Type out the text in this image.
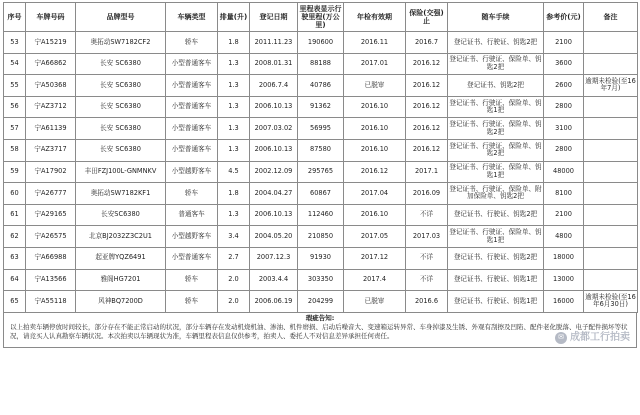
序号	车牌号码	品牌型号	车辆类型	排量(升)	登记日期	里程表显示行驶里程(万公里)	年检有效期	保险(交强)止	随车手续	参考价(元)	备注
53	宁A15219	奥拓动SW7182CF2	轿车	1.8	2011.11.23	190600	2016.11	2016.7	登记证书、行驶证、钥匙2把	2100	
54	宁A66862	长安 SC6380	小型普通客车	1.3	2008.01.31	88188	2017.01	2016.12	登记证书、行驶证、保险单、钥匙2把	3600	
55	宁A50368	长安 SC6380	小型普通客车	1.3	2006.7.4	40786	已脱审	2016.12	登记证书、钥匙2把	2600	逾期未检验(至16年7月)
56	宁AZ3712	长安 SC6380	小型普通客车	1.3	2006.10.13	91362	2016.10	2016.12	登记证书、行驶证、保险单、钥匙1把	2800	
57	宁A61139	长安 SC6380	小型普通客车	1.3	2007.03.02	56995	2016.10	2016.12	登记证书、行驶证、保险单、钥匙2把	3100	
58	宁AZ3717	长安 SC6380	小型普通客车	1.3	2006.10.13	87580	2016.10	2016.12	登记证书、行驶证、保险单、钥匙2把	2800	
59	宁A17902	丰田FZJ100L-GNMNKV	小型越野客车	4.5	2002.12.09	295765	2016.12	2017.1	登记证书、行驶证、保险单、钥匙1把	48000	
60	宁A26777	奥拓动SW7182KF1	轿车	1.8	2004.04.27	60867	2017.04	2016.09	登记证书、行驶证、保险单、附加保险单、钥匙2把	8100	
61	宁A29165	长安SC6380	普通客车	1.3	2006.10.13	112460	2016.10	不详	登记证书、行驶证、钥匙2把	2100	
62	宁A26575	北京BJ2032Z3C2U1	小型越野客车	3.4	2004.05.20	210850	2017.05	2017.03	登记证书、行驶证、保险单、钥匙1把	4800	
63	宁A66988	起亚牌YQZ6491	小型普通客车	2.7	2007.12.3	91930	2017.12	不详	登记证书、行驶证、钥匙2把	18000	
64	宁A13566	雅阁HG7201	轿车	2.0	2003.4.4	303350	2017.4	不详	登记证书、行驶证、钥匙1把	13000	
65	宁A55118	风神BQ7200D	轿车	2.0	2006.06.19	204299	已脱审	2016.6	登记证书、行驶证、钥匙1把	16000	逾期未检验(至16年6月30日)
瑕疵告知:
以上拍卖车辆停放时间较长，部分存在不能正常启动的状况，部分车辆存在发动机烧机油、渗油、机件磨损、启动后噪音大、变速箱运转异常、车身掉漆及生锈、外观有刮擦及凹陷、配件老化脱落、电子配件损坏等状况，请竞买人认真勘察车辆状况。本次拍卖以车辆现状为准，车辆里程表信息仅供参考，拍卖人、委托人不对信息差异承担任何责任。	✉ 成都工行拍卖
